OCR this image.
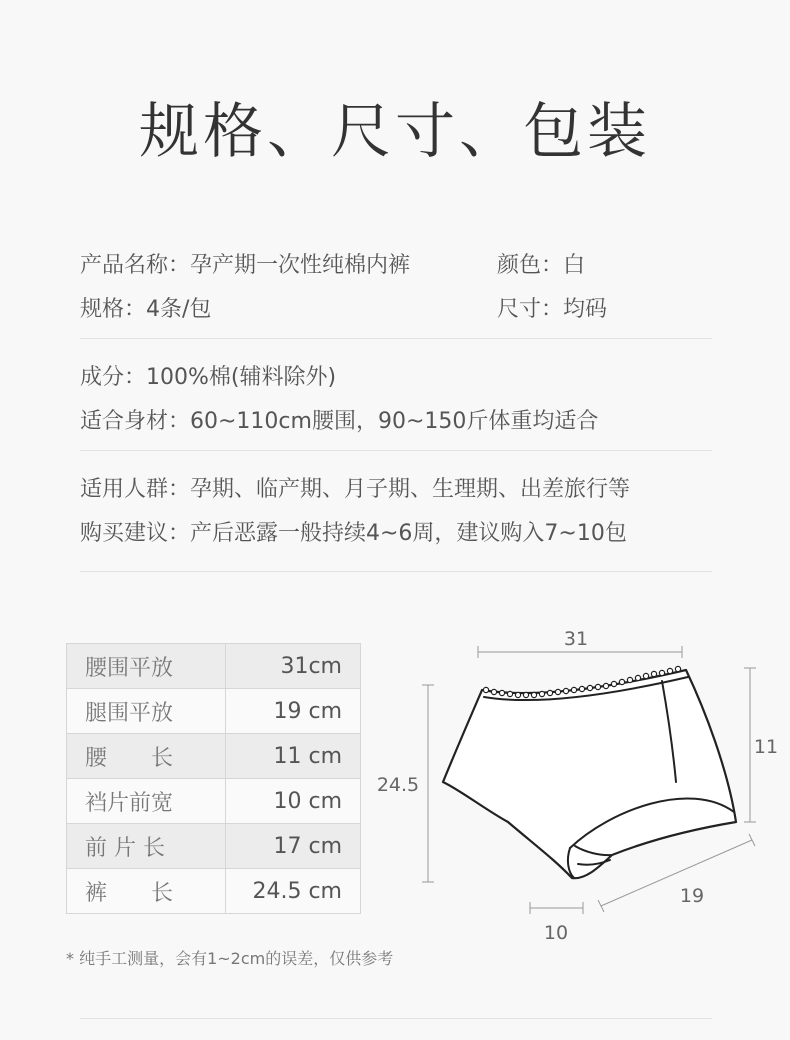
规格、尺寸、包装
产品名称：孕产期一次性纯棉内裤	颜色：白
规格：4条/包	尺寸：均码
成分：100%棉(辅料除外)
适合身材：60~110cm腰围，90~150斤体重均适合
适用人群：孕期、临产期、月子期、生理期、出差旅行等
购买建议：产后恶露一般持续4~6周，建议购入7~10包
腰围平放	31cm
腿围平放	19 cm
腰　　长	11 cm
裆片前宽	10 cm
前 片 长	17 cm
裤　　长	24.5 cm
* 纯手工测量，会有1~2cm的误差，仅供参考
31
24.5
11
19
10
